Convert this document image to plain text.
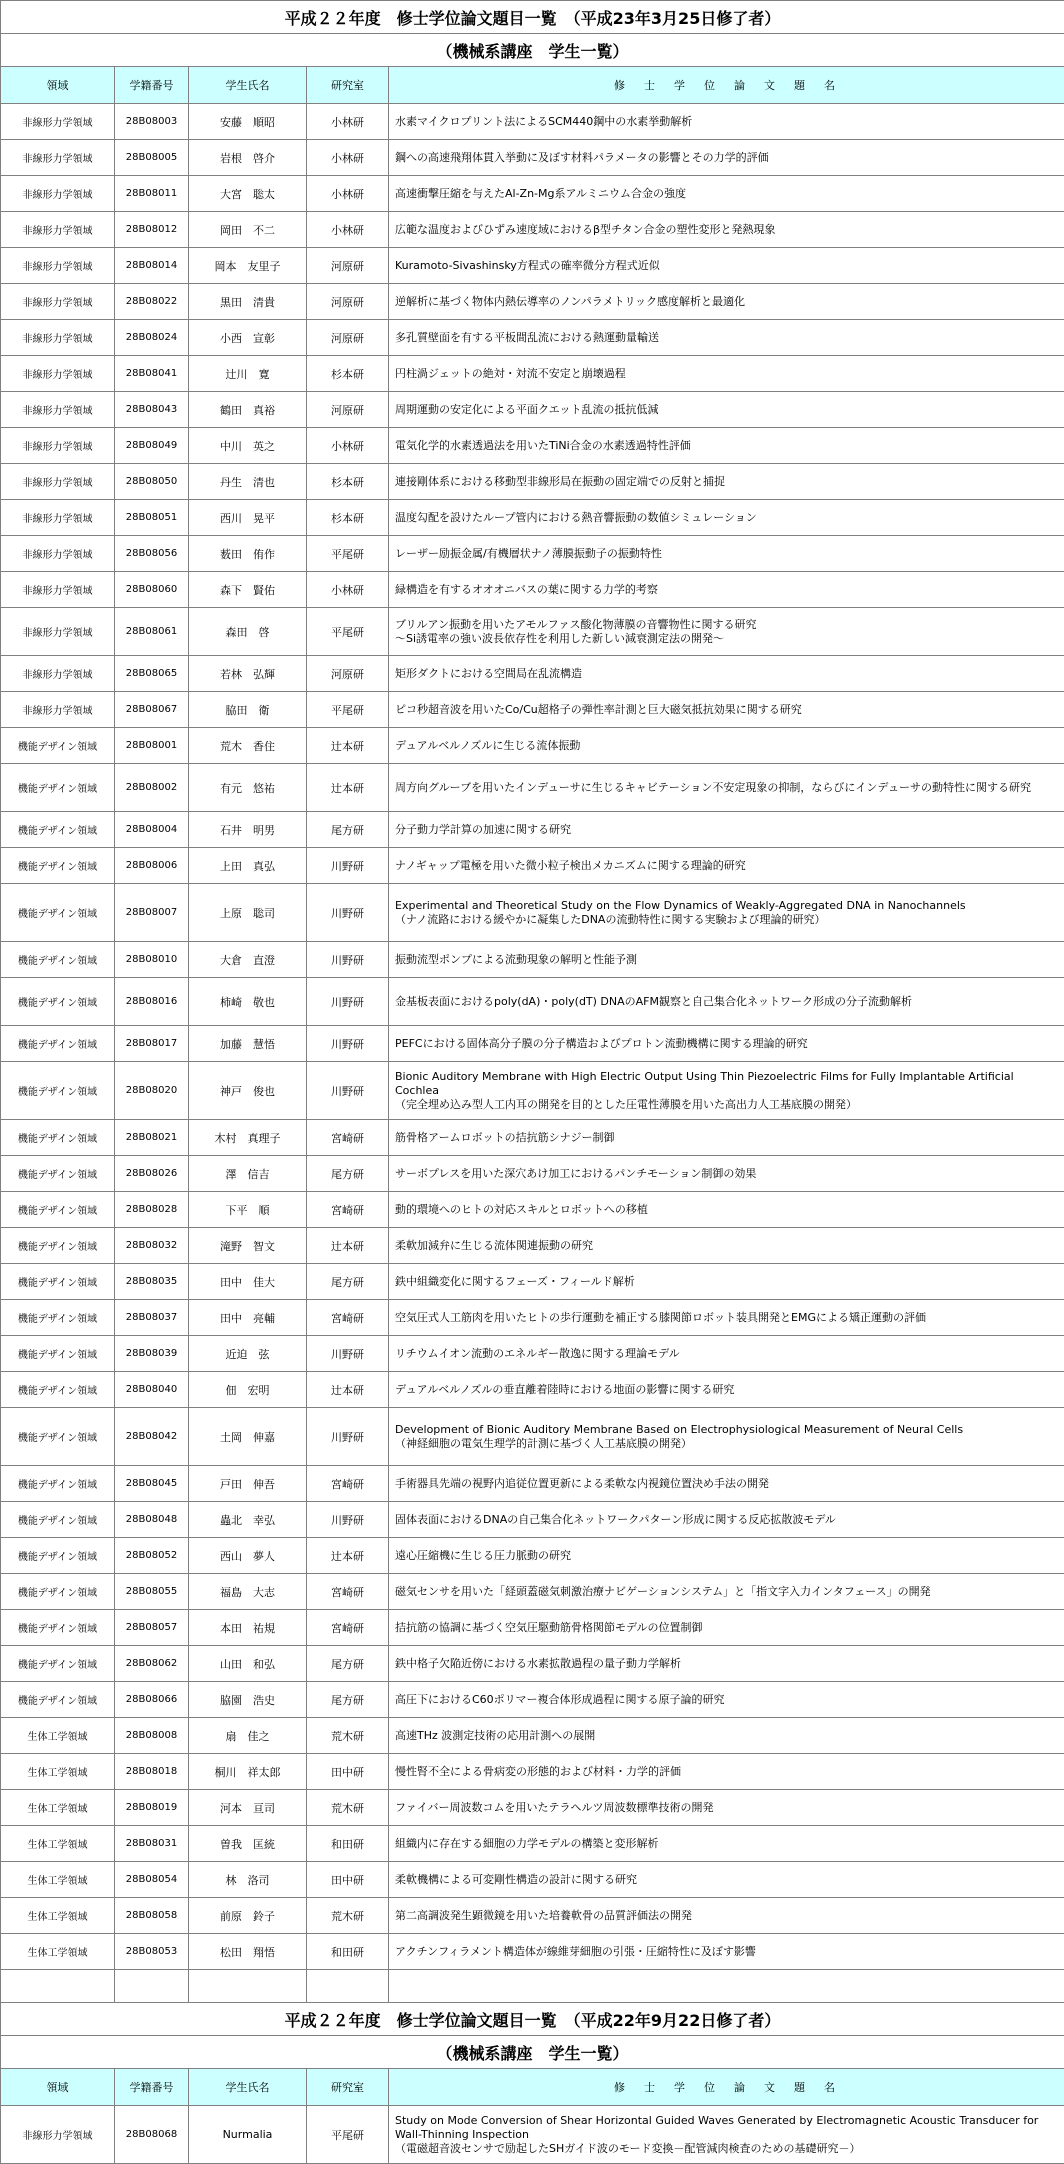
平成２２年度　修士学位論文題目一覧　（平成23年3月25日修了者）				
（機械系講座　学生一覧）				
領域	学籍番号	学生氏名	研究室	修　士　学　位　論　文　題　名
非線形力学領域	28B08003	安藤　順昭	小林研	水素マイクロプリント法によるSCM440鋼中の水素挙動解析
非線形力学領域	28B08005	岩根　啓介	小林研	鋼への高速飛翔体貫入挙動に及ぼす材料パラメータの影響とその力学的評価
非線形力学領域	28B08011	大宮　聡太	小林研	高速衝撃圧縮を与えたAl-Zn-Mg系アルミニウム合金の強度
非線形力学領域	28B08012	岡田　不二	小林研	広範な温度およびひずみ速度域におけるβ型チタン合金の塑性変形と発熱現象
非線形力学領域	28B08014	岡本　友里子	河原研	Kuramoto-Sivashinsky方程式の確率微分方程式近似
非線形力学領域	28B08022	黒田　清貴	河原研	逆解析に基づく物体内熱伝導率のノンパラメトリック感度解析と最適化
非線形力学領域	28B08024	小西　宣彰	河原研	多孔質壁面を有する平板間乱流における熱運動量輸送
非線形力学領域	28B08041	辻川　寛	杉本研	円柱渦ジェットの絶対・対流不安定と崩壊過程
非線形力学領域	28B08043	鶴田　真裕	河原研	周期運動の安定化による平面クエット乱流の抵抗低減
非線形力学領域	28B08049	中川　英之	小林研	電気化学的水素透過法を用いたTiNi合金の水素透過特性評価
非線形力学領域	28B08050	丹生　清也	杉本研	連接剛体系における移動型非線形局在振動の固定端での反射と捕捉
非線形力学領域	28B08051	西川　晃平	杉本研	温度勾配を設けたループ管内における熱音響振動の数値シミュレーション
非線形力学領域	28B08056	薮田　侑作	平尾研	レーザー励振金属/有機層状ナノ薄膜振動子の振動特性
非線形力学領域	28B08060	森下　賢佑	小林研	緑構造を有するオオオニバスの葉に関する力学的考察
非線形力学領域	28B08061	森田　啓	平尾研	ブリルアン振動を用いたアモルファス酸化物薄膜の音響物性に関する研究
～Si誘電率の強い波長依存性を利用した新しい減衰測定法の開発～

非線形力学領域	28B08065	若林　弘輝	河原研	矩形ダクトにおける空間局在乱流構造
非線形力学領域	28B08067	脇田　衛	平尾研	ピコ秒超音波を用いたCo/Cu超格子の弾性率計測と巨大磁気抵抗効果に関する研究
機能デザイン領域	28B08001	荒木　香住	辻本研	デュアルベルノズルに生じる流体振動
機能デザイン領域	28B08002	有元　悠祐	辻本研	周方向グルーブを用いたインデューサに生じるキャビテーション不安定現象の抑制，ならびにインデューサの動特性に関する研究
機能デザイン領域	28B08004	石井　明男	尾方研	分子動力学計算の加速に関する研究
機能デザイン領域	28B08006	上田　真弘	川野研	ナノギャップ電極を用いた微小粒子検出メカニズムに関する理論的研究
機能デザイン領域	28B08007	上原　聡司	川野研	Experimental and Theoretical Study on the Flow Dynamics of Weakly-Aggregated DNA in Nanochannels
（ナノ流路における緩やかに凝集したDNAの流動特性に関する実験および理論的研究）

機能デザイン領域	28B08010	大倉　直澄	川野研	振動流型ポンプによる流動現象の解明と性能予測
機能デザイン領域	28B08016	柿崎　敬也	川野研	金基板表面におけるpoly(dA)・poly(dT) DNAのAFM観察と自己集合化ネットワーク形成の分子流動解析
機能デザイン領域	28B08017	加藤　慧悟	川野研	PEFCにおける固体高分子膜の分子構造およびプロトン流動機構に関する理論的研究
機能デザイン領域	28B08020	神戸　俊也	川野研	Bionic Auditory Membrane with High Electric Output Using Thin Piezoelectric Films for Fully Implantable Artificial Cochlea
（完全埋め込み型人工内耳の開発を目的とした圧電性薄膜を用いた高出力人工基底膜の開発）

機能デザイン領域	28B08021	木村　真理子	宮崎研	筋骨格アームロボットの拮抗筋シナジー制御
機能デザイン領域	28B08026	澤　信吉	尾方研	サーボプレスを用いた深穴あけ加工におけるパンチモーション制御の効果
機能デザイン領域	28B08028	下平　順	宮崎研	動的環境へのヒトの対応スキルとロボットへの移植
機能デザイン領域	28B08032	滝野　智文	辻本研	柔軟加減弁に生じる流体関連振動の研究
機能デザイン領域	28B08035	田中　佳大	尾方研	鉄中組織変化に関するフェーズ・フィールド解析
機能デザイン領域	28B08037	田中　亮輔	宮崎研	空気圧式人工筋肉を用いたヒトの歩行運動を補正する膝関節ロボット装具開発とEMGによる矯正運動の評価
機能デザイン領域	28B08039	近迫　弦	川野研	リチウムイオン流動のエネルギー散逸に関する理論モデル
機能デザイン領域	28B08040	佃　宏明	辻本研	デュアルベルノズルの垂直離着陸時における地面の影響に関する研究
機能デザイン領域	28B08042	土岡　伸嘉	川野研	Development of Bionic Auditory Membrane Based on Electrophysiological Measurement of Neural Cells
（神経細胞の電気生理学的計測に基づく人工基底膜の開発）

機能デザイン領域	28B08045	戸田　伸吾	宮崎研	手術器具先端の視野内追従位置更新による柔軟な内視鏡位置決め手法の開発
機能デザイン領域	28B08048	蟲北　幸弘	川野研	固体表面におけるDNAの自己集合化ネットワークパターン形成に関する反応拡散波モデル
機能デザイン領域	28B08052	西山　夢人	辻本研	遠心圧縮機に生じる圧力脈動の研究
機能デザイン領域	28B08055	福島　大志	宮崎研	磁気センサを用いた「経頭蓋磁気刺激治療ナビゲーションシステム」と「指文字入力インタフェース」の開発
機能デザイン領域	28B08057	本田　祐規	宮崎研	拮抗筋の協調に基づく空気圧駆動筋骨格関節モデルの位置制御
機能デザイン領域	28B08062	山田　和弘	尾方研	鉄中格子欠陥近傍における水素拡散過程の量子動力学解析
機能デザイン領域	28B08066	脇園　浩史	尾方研	高圧下におけるC60ポリマー複合体形成過程に関する原子論的研究
生体工学領域	28B08008	扇　佳之	荒木研	高速THz 波測定技術の応用計測への展開
生体工学領域	28B08018	桐川　祥太郎	田中研	慢性腎不全による骨病変の形態的および材料・力学的評価
生体工学領域	28B08019	河本　亘司	荒木研	ファイバー周波数コムを用いたテラヘルツ周波数標準技術の開発
生体工学領域	28B08031	曽我　匡統	和田研	組織内に存在する細胞の力学モデルの構築と変形解析
生体工学領域	28B08054	林　洛司	田中研	柔軟機構による可変剛性構造の設計に関する研究
生体工学領域	28B08058	前原　鈴子	荒木研	第二高調波発生顕微鏡を用いた培養軟骨の品質評価法の開発
生体工学領域	28B08053	松田　翔悟	和田研	アクチンフィラメント構造体が線維芽細胞の引張・圧縮特性に及ぼす影響

平成２２年度　修士学位論文題目一覧　（平成22年9月22日修了者）				
（機械系講座　学生一覧）				
領域	学籍番号	学生氏名	研究室	修　士　学　位　論　文　題　名
非線形力学領域	28B08068	Nurmalia	平尾研	Study on Mode Conversion of Shear Horizontal Guided Waves Generated by Electromagnetic Acoustic Transducer for Wall-Thinning Inspection
（電磁超音波センサで励起したSHガイド波のモード変換－配管減肉検査のための基礎研究－）
